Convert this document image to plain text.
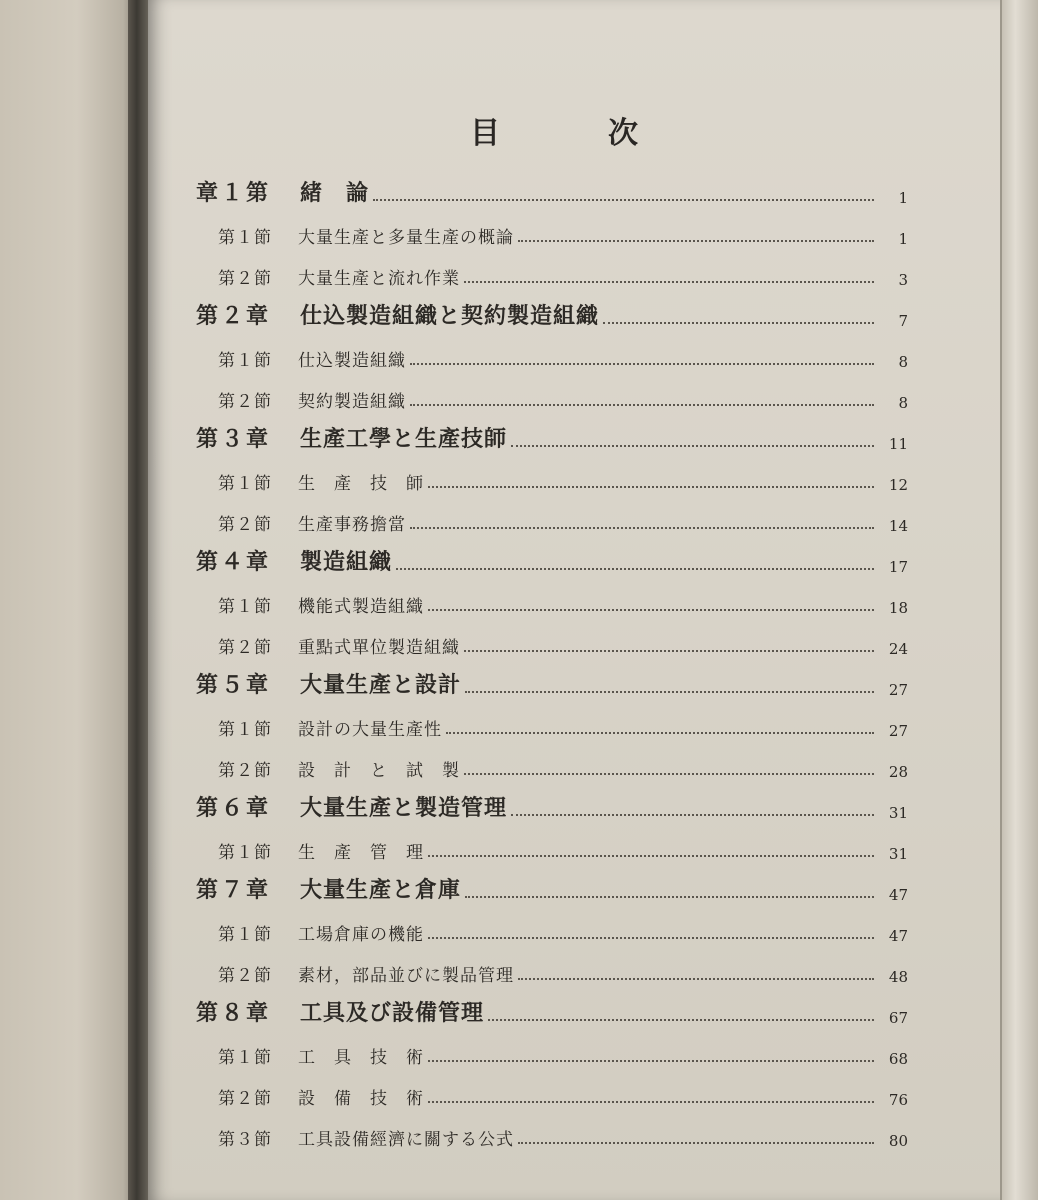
目	次
章１第	緒　論	1
第１節	大量生產と多量生產の概論	1
第２節	大量生產と流れ作業	3
第２章	仕込製造組織と契約製造組織	7
第１節	仕込製造組織	8
第２節	契約製造組織	8
第３章	生產工學と生產技師	11
第１節	生　產　技　師	12
第２節	生產事務擔當	14
第４章	製造組織	17
第１節	機能式製造組織	18
第２節	重點式單位製造組織	24
第５章	大量生產と設計	27
第１節	設計の大量生產性	27
第２節	設　計　と　試　製	28
第６章	大量生產と製造管理	31
第１節	生　產　管　理	31
第７章	大量生產と倉庫	47
第１節	工場倉庫の機能	47
第２節	素材，部品並びに製品管理	48
第８章	工具及び設備管理	67
第１節	工　具　技　術	68
第２節	設　備　技　術	76
第３節	工具設備經濟に關する公式	80
